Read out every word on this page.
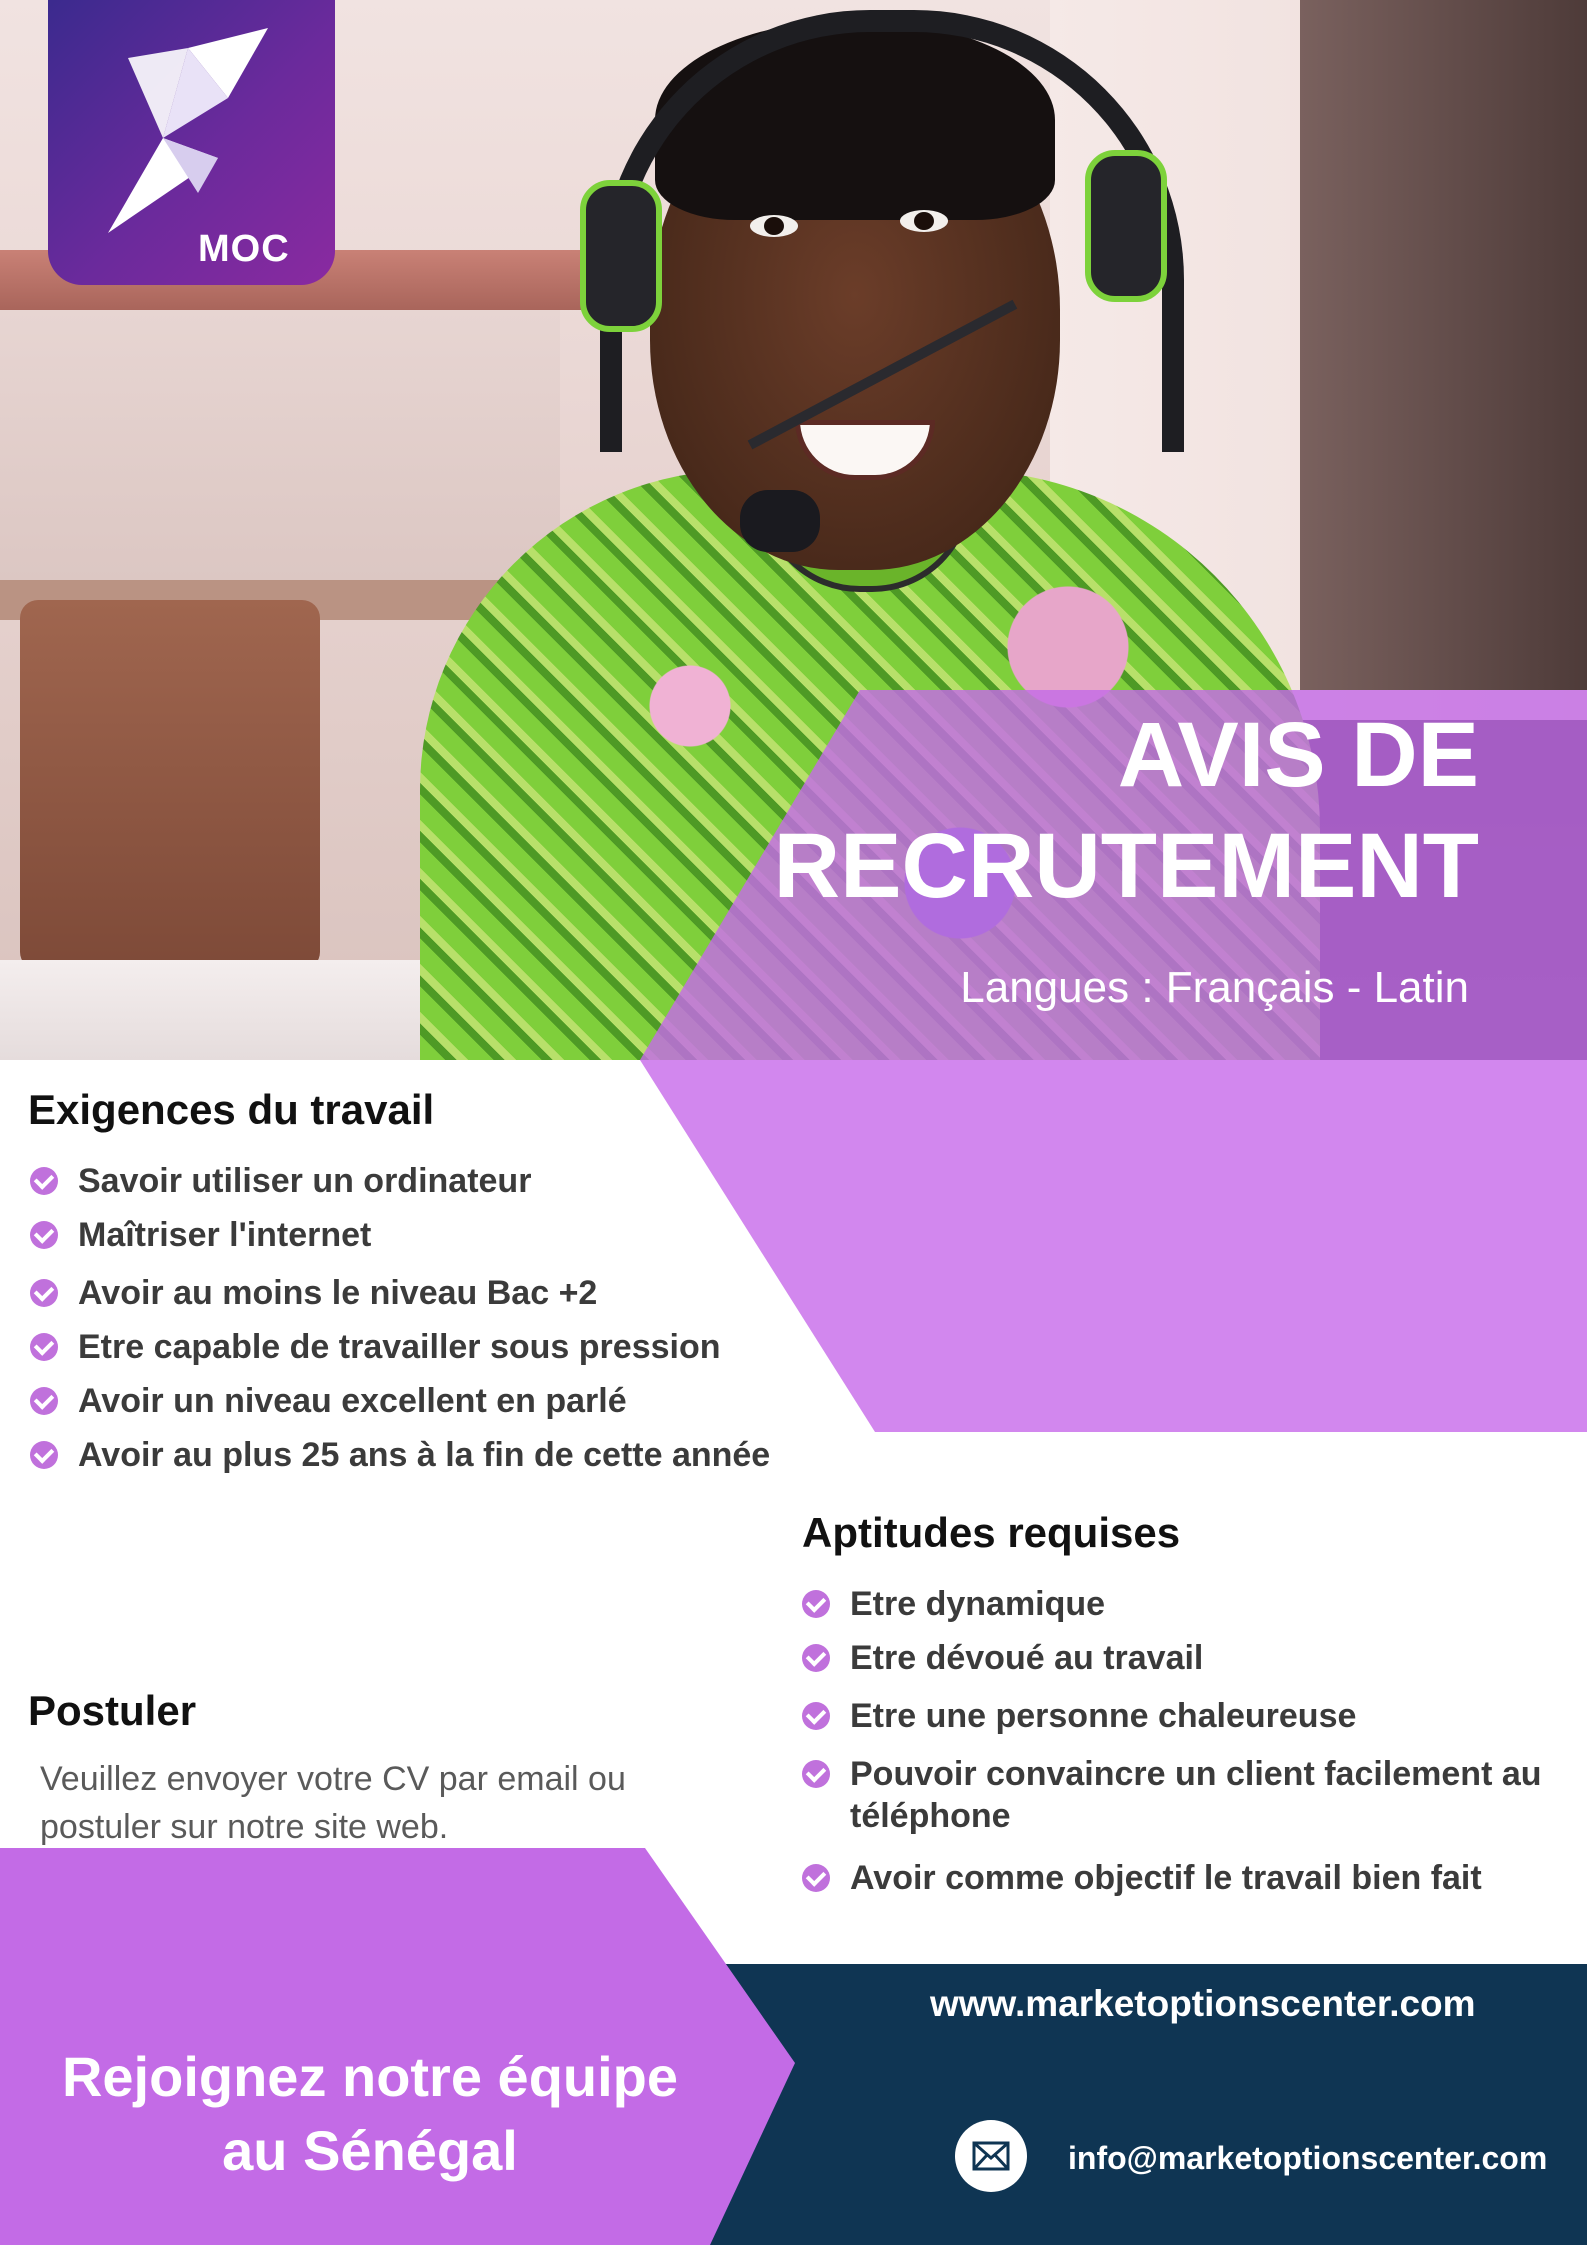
MOC
AVIS DE
RECRUTEMENT
Langues : Français - Latin
Exigences du travail
Savoir utiliser un ordinateur
Maîtriser l'internet
Avoir au moins le niveau Bac +2
Etre capable de travailler sous pression
Avoir un niveau excellent en parlé
Avoir au plus 25 ans à la fin de cette année
Aptitudes requises
Etre dynamique
Etre dévoué au travail
Etre une personne chaleureuse
Pouvoir convaincre un client facilement au téléphone
Avoir comme objectif le travail bien fait
Postuler
Veuillez envoyer votre CV par email ou postuler sur notre site web.
Rejoignez notre équipe
au Sénégal
www.marketoptionscenter.com
info@marketoptionscenter.com
